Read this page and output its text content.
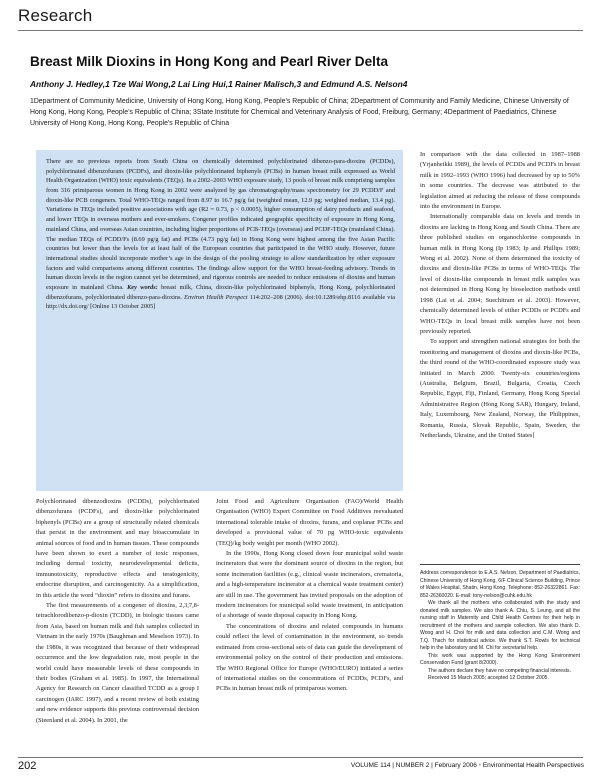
Research
Breast Milk Dioxins in Hong Kong and Pearl River Delta
Anthony J. Hedley,1 Tze Wai Wong,2 Lai Ling Hui,1 Rainer Malisch,3 and Edmund A.S. Nelson4
1Department of Community Medicine, University of Hong Kong, Hong Kong, People’s Republic of China; 2Department of Community and Family Medicine, Chinese University of Hong Kong, Hong Kong, People’s Republic of China; 3State Institute for Chemical and Veterinary Analysis of Food, Freiburg, Germany; 4Department of Paediatrics, Chinese University of Hong Kong, Hong Kong, People’s Republic of China
There are no previous reports from South China on chemically determined polychlorinated dibenzo-para-dioxins (PCDDs), polychlorinated dibenzofurans (PCDFs), and dioxin-like polychlorinated biphenyls (PCBs) in human breast milk expressed as World Health Organization (WHO) toxic equivalents (TEQs). In a 2002–2003 WHO exposure study, 13 pools of breast milk comprising samples from 316 primiparous women in Hong Kong in 2002 were analyzed by gas chromatography/mass spectrometry for 29 PCDD/F and dioxin-like PCB congeners. Total WHO-TEQs ranged from 8.97 to 16.7 pg/g fat (weighted mean, 12.9 pg; weighted median, 13.4 pg). Variations in TEQs included positive associations with age (R2 = 0.73, p < 0.0005), higher consumption of dairy products and seafood, and lower TEQs in overseas mothers and ever-smokers. Congener profiles indicated geographic specificity of exposure in Hong Kong, mainland China, and overseas Asian countries, including higher proportions of PCB-TEQs (overseas) and PCDF-TEQs (mainland China). The median TEQs of PCDD/Fs (8.69 pg/g fat) and PCBs (4.73 pg/g fat) in Hong Kong were highest among the five Asian Pacific countries but lower than the levels for at least half of the European countries that participated in the WHO study. However, future international studies should incorporate mother’s age in the design of the pooling strategy to allow standardization by other exposure factors and valid comparisons among different countries. The findings allow support for the WHO breast-feeding advisory. Trends in human dioxin levels in the region cannot yet be determined, and rigorous controls are needed to reduce emissions of dioxins and human exposure in mainland China. Key words: breast milk, China, dioxin-like polychlorinated biphenyls, Hong Kong, polychlorinated dibenzofurans, polychlorinated dibenzo-para-dioxins. Environ Health Perspect 114:202–208 (2006). doi:10.1289/ehp.8116 available via http://dx.doi.org/ [Online 13 October 2005]

Polychlorinated dibenzodioxins (PCDDs), polychlorinated dibenzofurans (PCDFs), and dioxin-like polychlorinated biphenyls (PCBs) are a group of structurally related chemicals that persist in the environment and may bioaccumulate in animal sources of food and in human tissues. These compounds have been shown to exert a number of toxic responses, including dermal toxicity, neurodevelopmental deficits, immunotoxicity, reproductive effects and teratogenicity, endocrine disruption, and carcinogenicity. As a simplification, in this article the word “dioxin” refers to dioxins and furans.

The first measurements of a congener of dioxins, 2,3,7,8-tetrachlorodibenzo-p-dioxin (TCDD), in biologic tissues came from Asia, based on human milk and fish samples collected in Vietnam in the early 1970s (Baughman and Meselson 1973). In the 1980s, it was recognized that because of their widespread occurrence and the low degradation rate, most people in the world could have measurable levels of these compounds in their bodies (Graham et al. 1985). In 1997, the International Agency for Research on Cancer classified TCDD as a group I carcinogen (IARC 1997), and a recent review of both existing and new evidence supports this previous controversial decision (Steenland et al. 2004). In 2001, the

Joint Food and Agriculture Organisation (FAO)/World Health Organisation (WHO) Expert Committee on Food Additives reevaluated international tolerable intake of dioxins, furans, and coplanar PCBs and developed a provisional value of 70 pg WHO-toxic equivalents (TEQ)/kg body weight per month (WHO 2002).

In the 1990s, Hong Kong closed down four municipal solid waste incinerators that were the dominant source of dioxins in the region, but some incineration facilities (e.g., clinical waste incinerators, crematoria, and a high-temperature incinerator at a chemical waste treatment center) are still in use. The government has invited proposals on the adoption of modern incinerators for municipal solid waste treatment, in anticipation of a shortage of waste disposal capacity in Hong Kong.

The concentrations of dioxins and related compounds in humans could reflect the level of contamination in the environment, so trends estimated from cross-sectional sets of data can guide the development of environmental policy on the control of their production and emissions. The WHO Regional Office for Europe (WHO/EURO) initiated a series of international studies on the concentrations of PCDDs, PCDFs, and PCBs in human breast milk of primiparous women.

In comparison with the data collected in 1987–1988 (Yrjanheikki 1989), the levels of PCDDs and PCDFs in breast milk in 1992–1993 (WHO 1996) had decreased by up to 50% in some countries. The decrease was attributed to the legislation aimed at reducing the release of these compounds into the environment in Europe.

Internationally comparable data on levels and trends in dioxins are lacking in Hong Kong and South China. There are three published studies on organochlorine compounds in human milk in Hong Kong (Ip 1983; Ip and Phillips 1989; Wong et al. 2002). None of them determined the toxicity of dioxins and dioxin-like PCBs in terms of WHO-TEQs. The level of dioxin-like compounds in breast milk samples was not determined in Hong Kong by bioselection methods until 1998 (Lai et al. 2004; Suechitram et al. 2003). However, chemically determined levels of either PCDDs or PCDFs and WHO-TEQs in local breast milk samples have not been previously reported.

To support and strengthen national strategies for both the monitoring and management of dioxins and dioxin-like PCBs, the third round of the WHO-coordinated exposure study was initiated in March 2000. Twenty-six countries/regions (Australia, Belgium, Brazil, Bulgaria, Croatia, Czech Republic, Egypt, Fiji, Finland, Germany, Hong Kong Special Administrative Region (Hong Kong SAR), Hungary, Ireland, Italy, Luxembourg, New Zealand, Norway, the Philippines, Romania, Russia, Slovak Republic, Spain, Sweden, the Netherlands, Ukraine, and the United States]

Address correspondence to E.A.S. Nelson, Department of Paediatrics, Chinese University of Hong Kong, 6/F Clinical Science Building, Prince of Wales Hospital, Shatin, Hong Kong. Telephone: 852-26322861. Fax: 852-26360020. E-mail: tony-nelson@cuhk.edu.hk

We thank all the mothers who collaborated with the study and donated milk samples. We also thank A. Chiu, S. Leung, and all the nursing staff in Maternity and Child Health Centres for their help in recruitment of the mothers and sample collection. We also thank D. Wong and H. Choi for milk and data collection and C.M. Wong and T.Q. Thach for statistical advice. We thank S.T. Rowls for technical help in the laboratory and M. Chi for secretarial help.

This work was supported by the Hong Kong Environment Conservation Fund (grant 8/2000).

The authors declare they have no competing financial interests.

Received 15 March 2005; accepted 12 October 2005.

202	VOLUME 114 | NUMBER 2 | February 2006 • Environmental Health Perspectives
